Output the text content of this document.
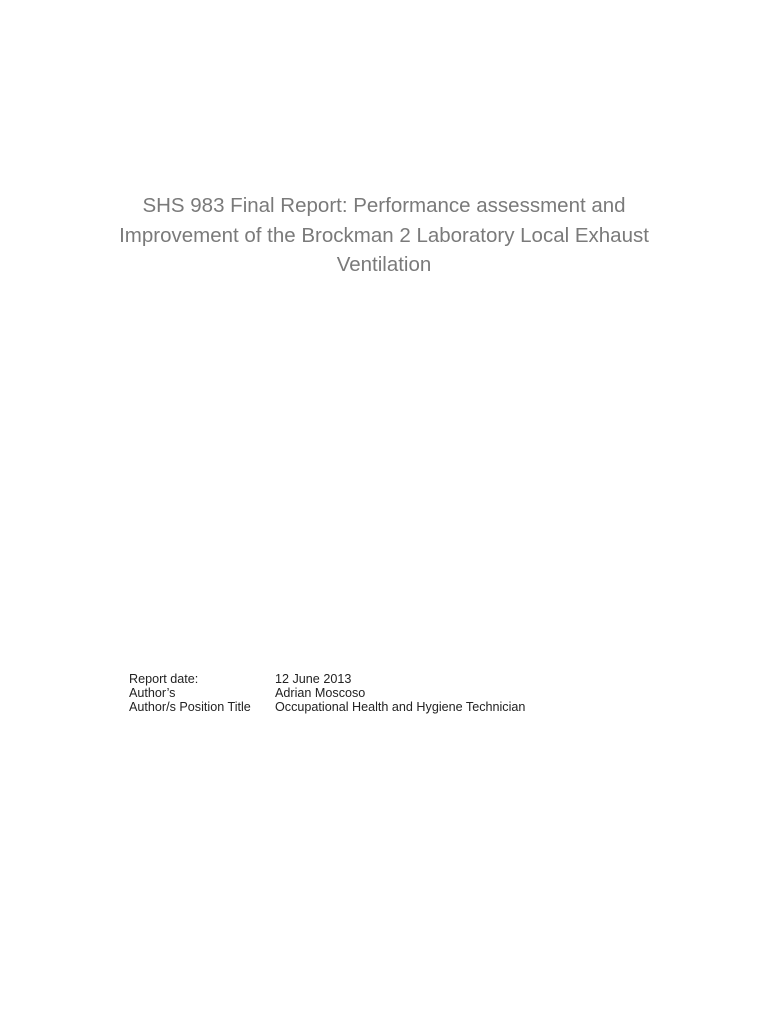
SHS 983 Final Report: Performance assessment and
Improvement of the Brockman 2 Laboratory Local Exhaust
Ventilation
Report date:	12 June 2013
Author’s	Adrian Moscoso
Author/s Position Title	Occupational Health and Hygiene Technician
